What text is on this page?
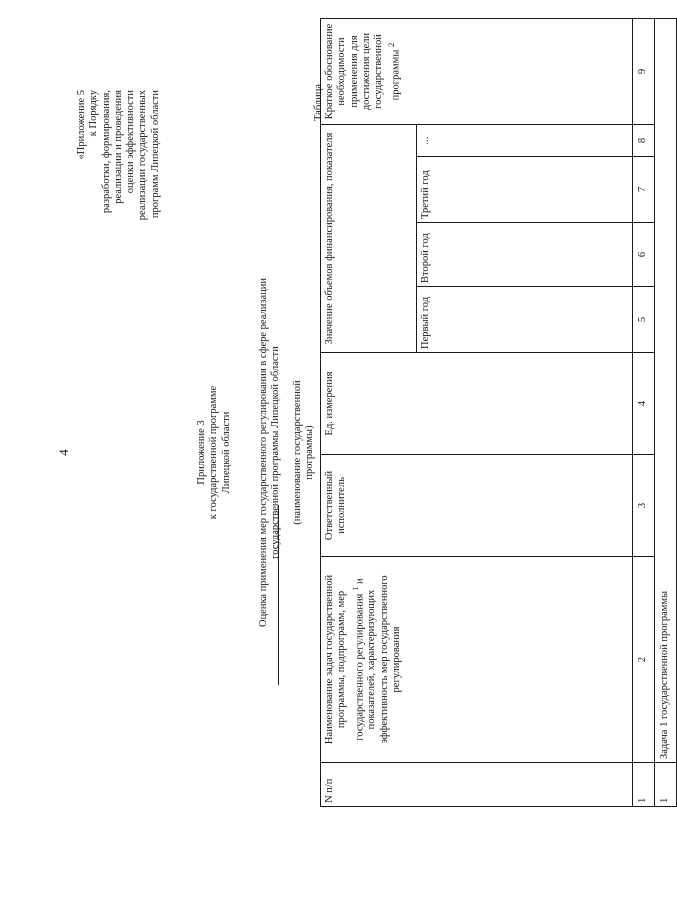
4
«Приложение 5 к Порядку разработки, формирования, реализации и проведения оценки эффективности реализации государственных программ Липецкой области
Приложение 3 к государственной программе Липецкой области	Оценка применения мер государственного регулирования в сфере реализации государственной программы Липецкой области (наименование государственной программы)
Таблица
N п/п	Наименование задач государственной программы, подпрограмм, мер государственного регулирования $^1$ и показателей, характеризующих эффективность мер государственного регулирования	Ответственный исполнитель	Ед. измерения	Значение объемов финансирования, показателя				Краткое обоснование необходимости применения для достижения цели государственной программы $^2$
				Первый год	Второй год	Третий год	...	
1	2	3	4	5	6	7	8	9
1	Задача 1 государственной программы							
